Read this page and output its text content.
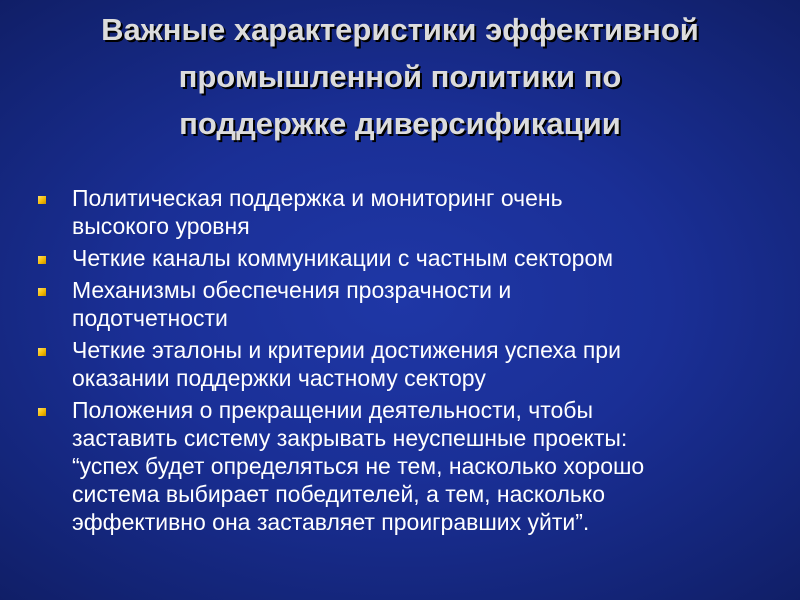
Важные характеристики эффективной
промышленной политики по
поддержке диверсификации
Политическая поддержка и мониторинг очень
высокого уровня
Четкие каналы коммуникации с частным сектором
Механизмы обеспечения прозрачности и
подотчетности
Четкие эталоны и критерии достижения успеха при
оказании поддержки частному сектору
Положения о прекращении деятельности, чтобы
заставить систему закрывать неуспешные проекты:
“успех будет определяться не тем, насколько хорошо
система выбирает победителей, а тем, насколько
эффективно она заставляет проигравших уйти”.
